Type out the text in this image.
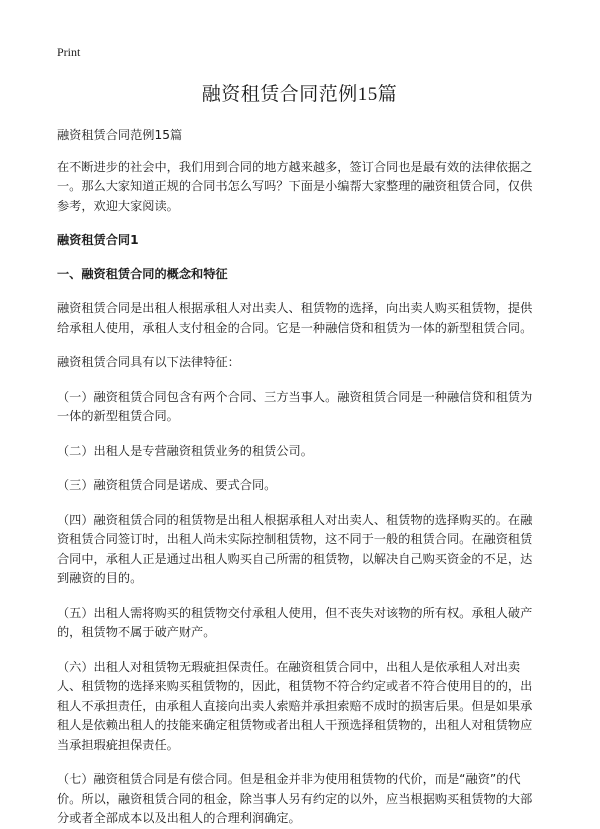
Print

融资租赁合同范例15篇

融资租赁合同范例15篇

在不断进步的社会中，我们用到合同的地方越来越多，签订合同也是最有效的法律依据之一。那么大家知道正规的合同书怎么写吗？下面是小编帮大家整理的融资租赁合同，仅供参考，欢迎大家阅读。

融资租赁合同1

一、融资租赁合同的概念和特征

融资租赁合同是出租人根据承租人对出卖人、租赁物的选择，向出卖人购买租赁物，提供给承租人使用，承租人支付租金的合同。它是一种融信贷和租赁为一体的新型租赁合同。

融资租赁合同具有以下法律特征：

（一）融资租赁合同包含有两个合同、三方当事人。融资租赁合同是一种融信贷和租赁为一体的新型租赁合同。

（二）出租人是专营融资租赁业务的租赁公司。

（三）融资租赁合同是诺成、要式合同。

（四）融资租赁合同的租赁物是出租人根据承租人对出卖人、租赁物的选择购买的。在融资租赁合同签订时，出租人尚未实际控制租赁物，这不同于一般的租赁合同。在融资租赁合同中，承租人正是通过出租人购买自己所需的租赁物，以解决自己购买资金的不足，达到融资的目的。

（五）出租人需将购买的租赁物交付承租人使用，但不丧失对该物的所有权。承租人破产的，租赁物不属于破产财产。

（六）出租人对租赁物无瑕疵担保责任。在融资租赁合同中，出租人是依承租人对出卖人、租赁物的选择来购买租赁物的，因此，租赁物不符合约定或者不符合使用目的的，出租人不承担责任，由承租人直接向出卖人索赔并承担索赔不成时的损害后果。但是如果承租人是依赖出租人的技能来确定租赁物或者出租人干预选择租赁物的，出租人对租赁物应当承担瑕疵担保责任。

（七）融资租赁合同是有偿合同。但是租金并非为使用租赁物的代价，而是“融资”的代价。所以，融资租赁合同的租金，除当事人另有约定的以外，应当根据购买租赁物的大部分或者全部成本以及出租人的合理利润确定。
